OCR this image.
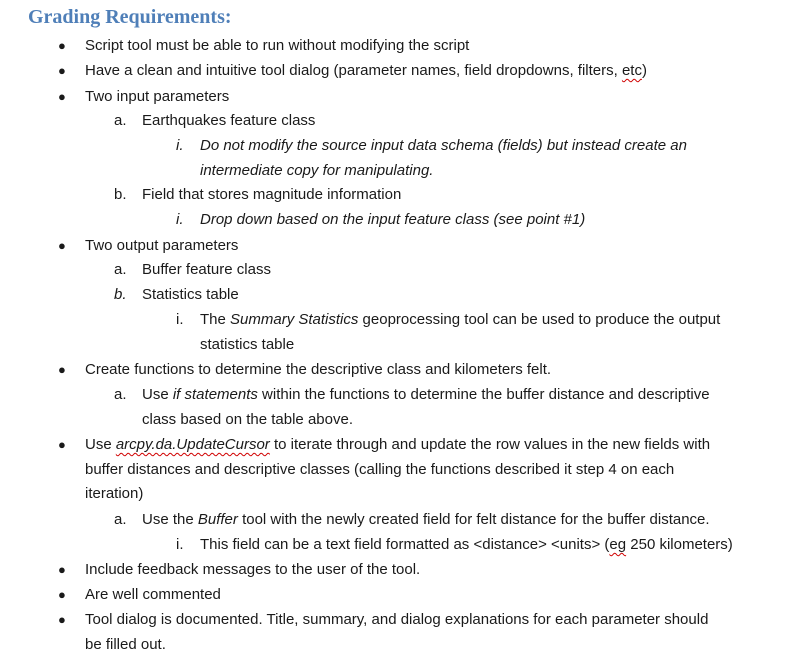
Grading Requirements:
● Script tool must be able to run without modifying the script
● Have a clean and intuitive tool dialog (parameter names, field dropdowns, filters, etc)
● Two input parameters
a. Earthquakes feature class
i. Do not modify the source input data schema (fields) but instead create an
intermediate copy for manipulating.
b. Field that stores magnitude information
i. Drop down based on the input feature class (see point #1)
● Two output parameters
a. Buffer feature class
b. Statistics table
i. The Summary Statistics geoprocessing tool can be used to produce the output
statistics table
● Create functions to determine the descriptive class and kilometers felt.
a. Use if statements within the functions to determine the buffer distance and descriptive
class based on the table above.
● Use arcpy.da.UpdateCursor to iterate through and update the row values in the new fields with
buffer distances and descriptive classes (calling the functions described it step 4 on each
iteration)
a. Use the Buffer tool with the newly created field for felt distance for the buffer distance.
i. This field can be a text field formatted as <distance> <units> (eg 250 kilometers)
● Include feedback messages to the user of the tool.
● Are well commented
● Tool dialog is documented. Title, summary, and dialog explanations for each parameter should
be filled out.
